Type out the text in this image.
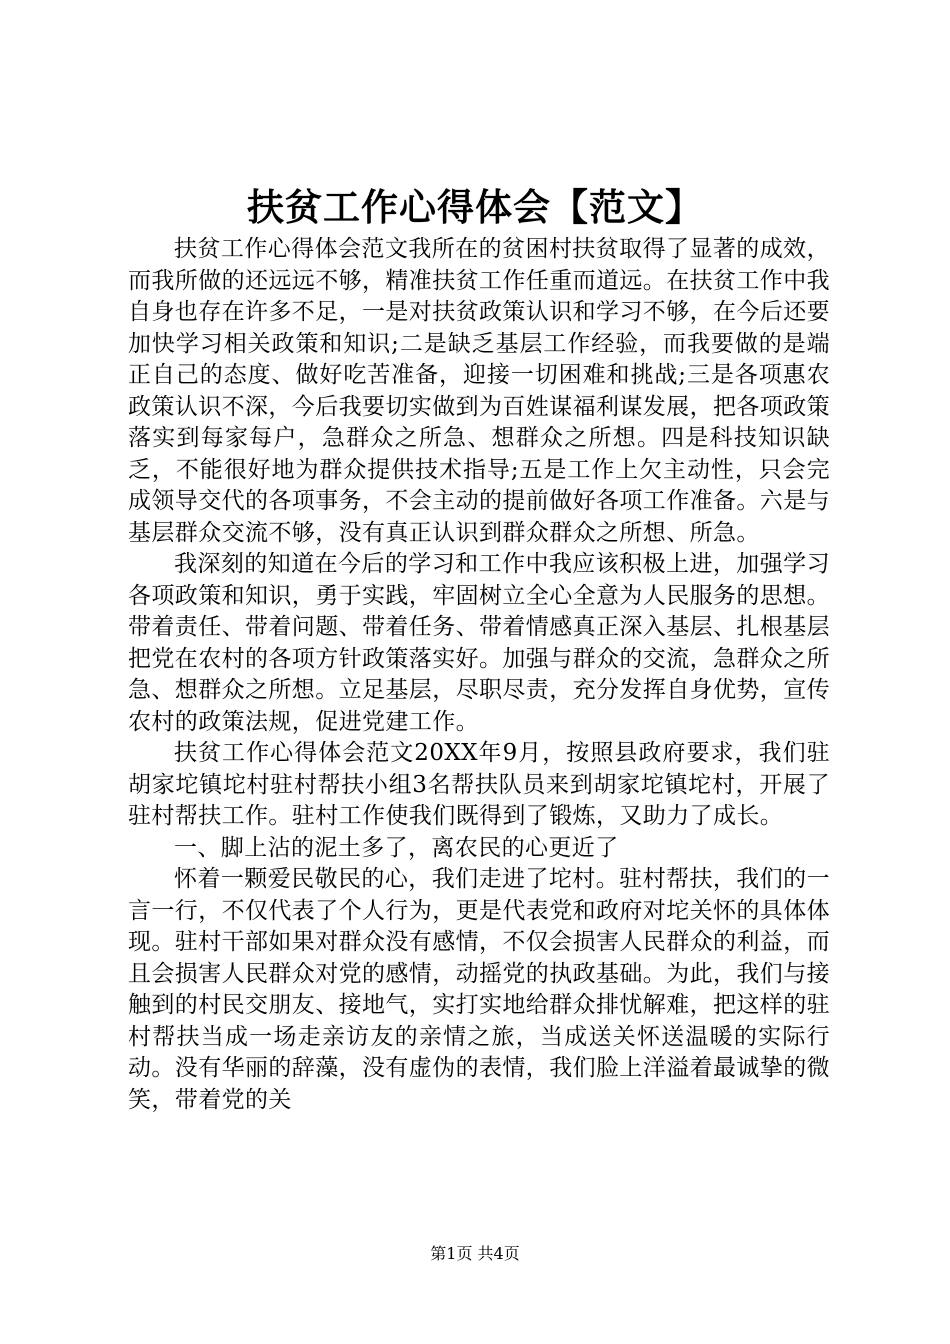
扶贫工作心得体会【范文】

扶贫工作心得体会范文我所在的贫困村扶贫取得了显著的成效，而我所做的还远远不够，精准扶贫工作任重而道远。在扶贫工作中我自身也存在许多不足，一是对扶贫政策认识和学习不够，在今后还要加快学习相关政策和知识;二是缺乏基层工作经验，而我要做的是端正自己的态度、做好吃苦准备，迎接一切困难和挑战;三是各项惠农政策认识不深，今后我要切实做到为百姓谋福利谋发展，把各项政策落实到每家每户，急群众之所急、想群众之所想。四是科技知识缺乏，不能很好地为群众提供技术指导;五是工作上欠主动性，只会完成领导交代的各项事务，不会主动的提前做好各项工作准备。六是与基层群众交流不够，没有真正认识到群众群众之所想、所急。

我深刻的知道在今后的学习和工作中我应该积极上进，加强学习各项政策和知识，勇于实践，牢固树立全心全意为人民服务的思想。带着责任、带着问题、带着任务、带着情感真正深入基层、扎根基层把党在农村的各项方针政策落实好。加强与群众的交流，急群众之所急、想群众之所想。立足基层，尽职尽责，充分发挥自身优势，宣传农村的政策法规，促进党建工作。

扶贫工作心得体会范文20XX年9月，按照县政府要求，我们驻胡家坨镇坨村驻村帮扶小组3名帮扶队员来到胡家坨镇坨村，开展了驻村帮扶工作。驻村工作使我们既得到了锻炼，又助力了成长。

一、脚上沾的泥土多了，离农民的心更近了

怀着一颗爱民敬民的心，我们走进了坨村。驻村帮扶，我们的一言一行，不仅代表了个人行为，更是代表党和政府对坨关怀的具体体现。驻村干部如果对群众没有感情，不仅会损害人民群众的利益，而且会损害人民群众对党的感情，动摇党的执政基础。为此，我们与接触到的村民交朋友、接地气，实打实地给群众排忧解难，把这样的驻村帮扶当成一场走亲访友的亲情之旅，当成送关怀送温暖的实际行动。没有华丽的辞藻，没有虚伪的表情，我们脸上洋溢着最诚挚的微笑，带着党的关

第1页 共4页
